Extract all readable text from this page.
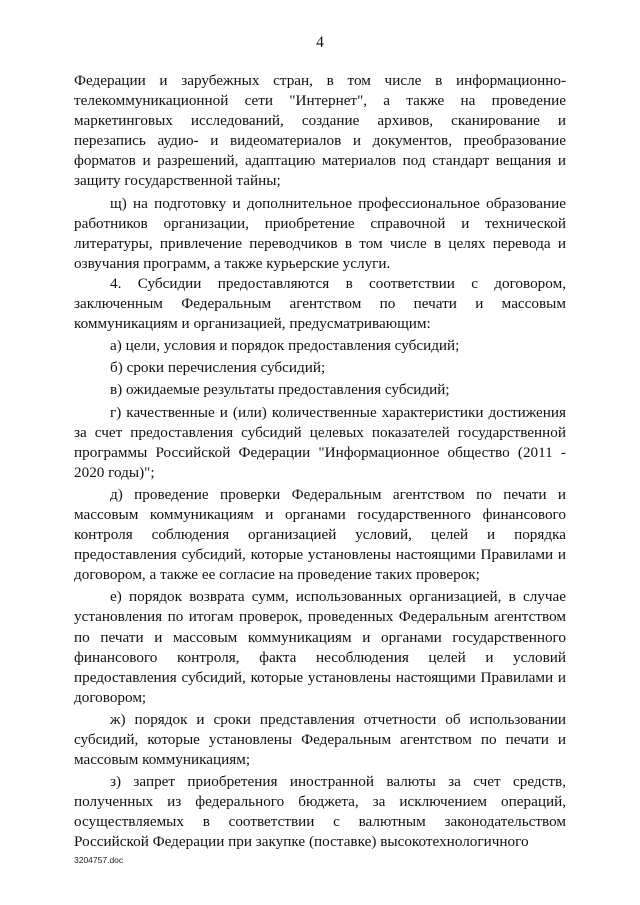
4

Федерации и зарубежных стран, в том числе в информационно-телекоммуникационной сети "Интернет", а также на проведение маркетинговых исследований, создание архивов, сканирование и перезапись аудио- и видеоматериалов и документов, преобразование форматов и разрешений, адаптацию материалов под стандарт вещания и защиту государственной тайны;

щ) на подготовку и дополнительное профессиональное образование работников организации, приобретение справочной и технической литературы, привлечение переводчиков в том числе в целях перевода и озвучания программ, а также курьерские услуги.

4. Субсидии предоставляются в соответствии с договором, заключенным Федеральным агентством по печати и массовым коммуникациям и организацией, предусматривающим:

а) цели, условия и порядок предоставления субсидий;

б) сроки перечисления субсидий;

в) ожидаемые результаты предоставления субсидий;

г) качественные и (или) количественные характеристики достижения за счет предоставления субсидий целевых показателей государственной программы Российской Федерации "Информационное общество (2011 - 2020 годы)";

д) проведение проверки Федеральным агентством по печати и массовым коммуникациям и органами государственного финансового контроля соблюдения организацией условий, целей и порядка предоставления субсидий, которые установлены настоящими Правилами и договором, а также ее согласие на проведение таких проверок;

е) порядок возврата сумм, использованных организацией, в случае установления по итогам проверок, проведенных Федеральным агентством по печати и массовым коммуникациям и органами государственного финансового контроля, факта несоблюдения целей и условий предоставления субсидий, которые установлены настоящими Правилами и договором;

ж) порядок и сроки представления отчетности об использовании субсидий, которые установлены Федеральным агентством по печати и массовым коммуникациям;

з) запрет приобретения иностранной валюты за счет средств, полученных из федерального бюджета, за исключением операций, осуществляемых в соответствии с валютным законодательством Российской Федерации при закупке (поставке) высокотехнологичного

3204757.doc
